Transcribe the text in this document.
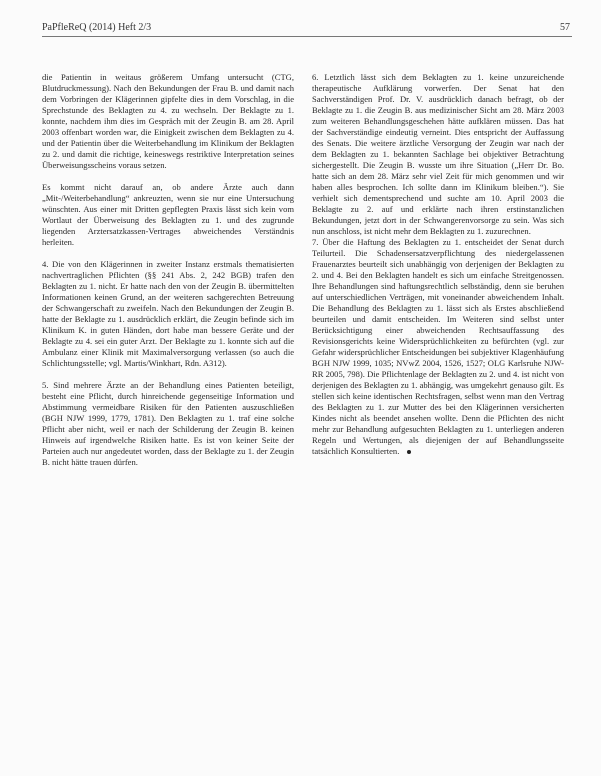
PaPfleReQ (2014) Heft 2/3	57

die Patientin in weitaus größerem Umfang untersucht (CTG, Blutdruckmessung). Nach den Bekundungen der Frau B. und damit nach dem Vorbringen der Klägerinnen gipfelte dies in dem Vorschlag, in die Sprechstunde des Beklagten zu 4. zu wechseln. Der Beklagte zu 1. konnte, nachdem ihm dies im Gespräch mit der Zeugin B. am 28. April 2003 offenbart worden war, die Einigkeit zwischen dem Beklagten zu 4. und der Patientin über die Weiterbehandlung im Klinikum der Beklagten zu 2. und damit die richtige, keineswegs restriktive Interpretation seines Überweisungsscheins voraus setzen.

Es kommt nicht darauf an, ob andere Ärzte auch dann „Mit-/Weiterbehandlung“ ankreuzten, wenn sie nur eine Untersuchung wünschten. Aus einer mit Dritten gepflegten Praxis lässt sich kein vom Wortlaut der Überweisung des Beklagten zu 1. und des zugrunde liegenden Arztersatzkassen-Vertrages abweichendes Verständnis herleiten.

4. Die von den Klägerinnen in zweiter Instanz erstmals thematisierten nachvertraglichen Pflichten (§§ 241 Abs. 2, 242 BGB) trafen den Beklagten zu 1. nicht. Er hatte nach den von der Zeugin B. übermittelten Informationen keinen Grund, an der weiteren sachgerechten Betreuung der Schwangerschaft zu zweifeln. Nach den Bekundungen der Zeugin B. hatte der Beklagte zu 1. ausdrücklich erklärt, die Zeugin befinde sich im Klinikum K. in guten Händen, dort habe man bessere Geräte und der Beklagte zu 4. sei ein guter Arzt. Der Beklagte zu 1. konnte sich auf die Ambulanz einer Klinik mit Maximalversorgung verlassen (so auch die Schlichtungsstelle; vgl. Martis/Winkhart, Rdn. A312).

5. Sind mehrere Ärzte an der Behandlung eines Patienten beteiligt, besteht eine Pflicht, durch hinreichende gegenseitige Information und Abstimmung vermeidbare Risiken für den Patienten auszuschließen (BGH NJW 1999, 1779, 1781). Den Beklagten zu 1. traf eine solche Pflicht aber nicht, weil er nach der Schilderung der Zeugin B. keinen Hinweis auf irgendwelche Risiken hatte. Es ist von keiner Seite der Parteien auch nur angedeutet worden, dass der Beklagte zu 1. der Zeugin B. nicht hätte trauen dürfen.

6. Letztlich lässt sich dem Beklagten zu 1. keine unzureichende therapeutische Aufklärung vorwerfen. Der Senat hat den Sachverständigen Prof. Dr. V. ausdrücklich danach befragt, ob der Beklagte zu 1. die Zeugin B. aus medizinischer Sicht am 28. März 2003 zum weiteren Behandlungsgeschehen hätte aufklären müssen. Das hat der Sachverständige eindeutig verneint. Dies entspricht der Auffassung des Senats. Die weitere ärztliche Versorgung der Zeugin war nach der dem Beklagten zu 1. bekannten Sachlage bei objektiver Betrachtung sichergestellt. Die Zeugin B. wusste um ihre Situation („Herr Dr. Bo. hatte sich an dem 28. März sehr viel Zeit für mich genommen und wir haben alles besprochen. Ich sollte dann im Klinikum bleiben.“). Sie verhielt sich dementsprechend und suchte am 10. April 2003 die Beklagte zu 2. auf und erklärte nach ihren erstinstanzlichen Bekundungen, jetzt dort in der Schwangerenvorsorge zu sein. Was sich nun anschloss, ist nicht mehr dem Beklagten zu 1. zuzurechnen.

7. Über die Haftung des Beklagten zu 1. entscheidet der Senat durch Teilurteil. Die Schadensersatzverpflichtung des niedergelassenen Frauenarztes beurteilt sich unabhängig von derjenigen der Beklagten zu 2. und 4. Bei den Beklagten handelt es sich um einfache Streitgenossen. Ihre Behandlungen sind haftungsrechtlich selbständig, denn sie beruhen auf unterschiedlichen Verträgen, mit voneinander abweichendem Inhalt. Die Behandlung des Beklagten zu 1. lässt sich als Erstes abschließend beurteilen und damit entscheiden. Im Weiteren sind selbst unter Berücksichtigung einer abweichenden Rechtsauffassung des Revisionsgerichts keine Widersprüchlichkeiten zu befürchten (vgl. zur Gefahr widersprüchlicher Entscheidungen bei subjektiver Klagenhäufung BGH NJW 1999, 1035; NVwZ 2004, 1526, 1527; OLG Karlsruhe NJW-RR 2005, 798). Die Pflichtenlage der Beklagten zu 2. und 4. ist nicht von derjenigen des Beklagten zu 1. abhängig, was umgekehrt genauso gilt. Es stellen sich keine identischen Rechtsfragen, selbst wenn man den Vertrag des Beklagten zu 1. zur Mutter des bei den Klägerinnen versicherten Kindes nicht als beendet ansehen wollte. Denn die Pflichten des nicht mehr zur Behandlung aufgesuchten Beklagten zu 1. unterliegen anderen Regeln und Wertungen, als diejenigen der auf Behandlungsseite tatsächlich Konsultierten.
